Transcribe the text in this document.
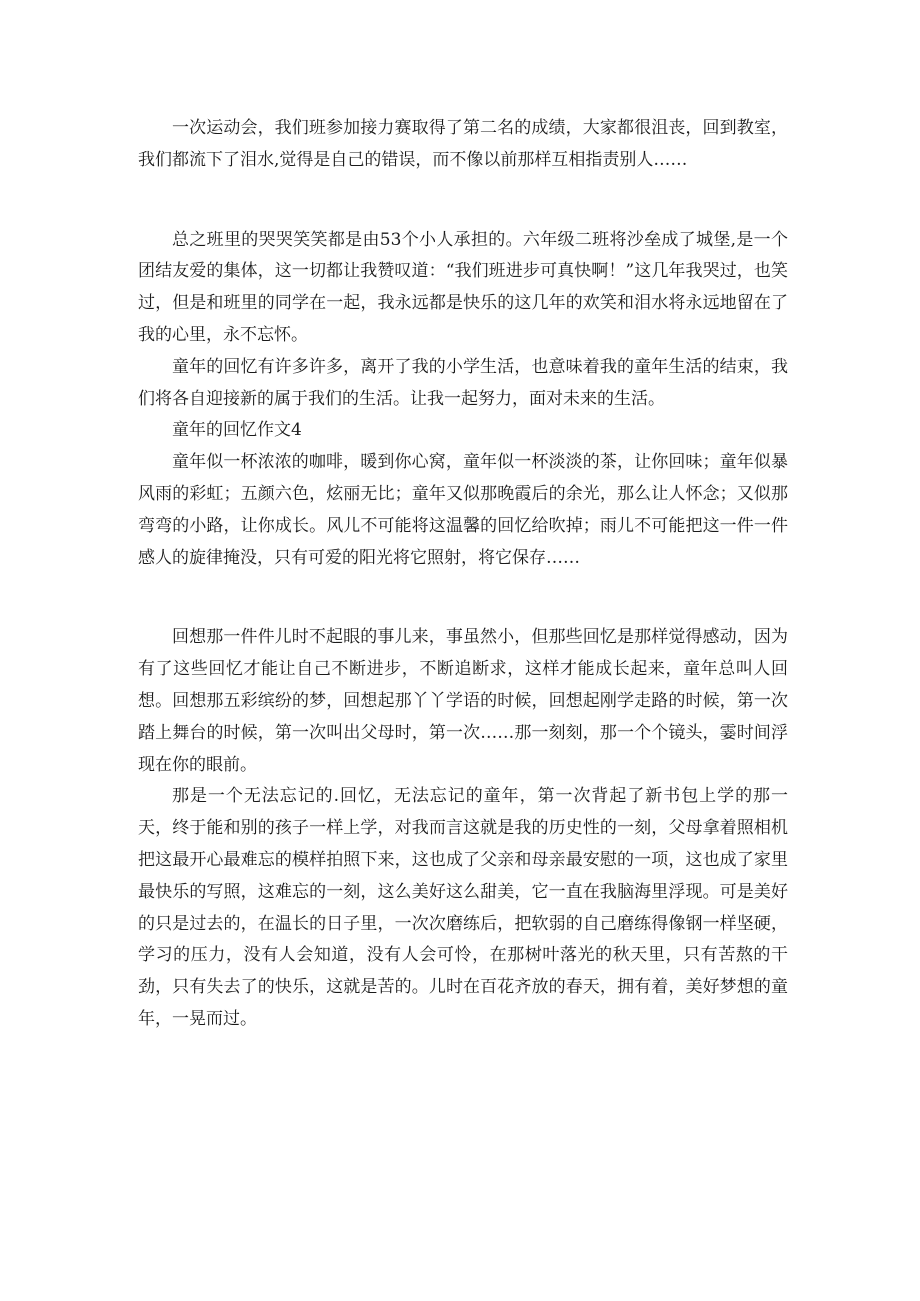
一次运动会，我们班参加接力赛取得了第二名的成绩，大家都很沮丧，回到教室，我们都流下了泪水,觉得是自己的错误，而不像以前那样互相指责别人……

总之班里的哭哭笑笑都是由53个小人承担的。六年级二班将沙垒成了城堡,是一个团结友爱的集体，这一切都让我赞叹道：“我们班进步可真快啊！”这几年我哭过，也笑过，但是和班里的同学在一起，我永远都是快乐的这几年的欢笑和泪水将永远地留在了我的心里，永不忘怀。

童年的回忆有许多许多，离开了我的小学生活，也意味着我的童年生活的结束，我们将各自迎接新的属于我们的生活。让我一起努力，面对未来的生活。

童年的回忆作文4

童年似一杯浓浓的咖啡，暖到你心窝，童年似一杯淡淡的茶，让你回味；童年似暴风雨的彩虹；五颜六色，炫丽无比；童年又似那晚霞后的余光，那么让人怀念；又似那弯弯的小路，让你成长。风儿不可能将这温馨的回忆给吹掉；雨儿不可能把这一件一件感人的旋律掩没，只有可爱的阳光将它照射，将它保存……

回想那一件件儿时不起眼的事儿来，事虽然小，但那些回忆是那样觉得感动，因为有了这些回忆才能让自己不断进步，不断追断求，这样才能成长起来，童年总叫人回想。回想那五彩缤纷的梦，回想起那丫丫学语的时候，回想起刚学走路的时候，第一次踏上舞台的时候，第一次叫出父母时，第一次……那一刻刻，那一个个镜头，霎时间浮现在你的眼前。

那是一个无法忘记的.回忆，无法忘记的童年，第一次背起了新书包上学的那一天，终于能和别的孩子一样上学，对我而言这就是我的历史性的一刻，父母拿着照相机把这最开心最难忘的模样拍照下来，这也成了父亲和母亲最安慰的一项，这也成了家里最快乐的写照，这难忘的一刻，这么美好这么甜美，它一直在我脑海里浮现。可是美好的只是过去的，在温长的日子里，一次次磨练后，把软弱的自己磨练得像钢一样坚硬，学习的压力，没有人会知道，没有人会可怜，在那树叶落光的秋天里，只有苦熬的干劲，只有失去了的快乐，这就是苦的。儿时在百花齐放的春天，拥有着，美好梦想的童年，一晃而过。
